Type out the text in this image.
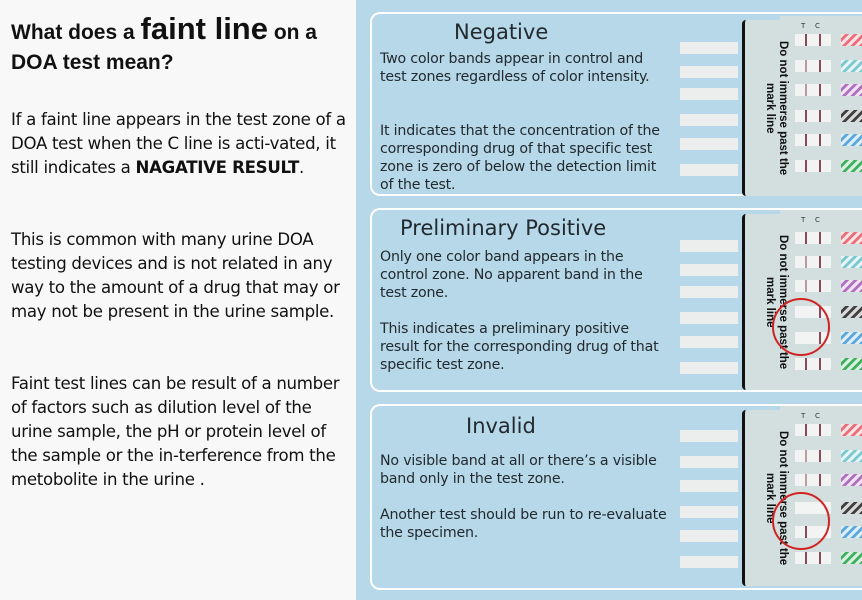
What does a faint line on a DOA test mean?
If a faint line appears in the test zone of a DOA test when the C line is acti-vated, it still indicates a NAGATIVE RESULT.
This is common with many urine DOA testing devices and is not related in any way to the amount of a drug that may or may not be present in the urine sample.
Faint test lines can be result of a number of factors such as dilution level of the urine sample, the pH or protein level of the sample or the in-terference from the metobolite in the urine .
Negative
Two color bands appear in control and test zones regardless of color intensity.
It indicates that the concentration of the corresponding drug of that specific test zone is zero of below the detection limit of the test.
Do not immerse past the mark line
T C
Preliminary Positive
Only one color band appears in the control zone. No apparent band in the test zone.
This indicates a preliminary positive result for the corresponding drug of that specific test zone.	Do not immerse past the mark line
T C
Invalid
No visible band at all or there’s a visible band only in the test zone.
Another test should be run to re-evaluate the specimen.	Do not immerse past the mark line
T C
